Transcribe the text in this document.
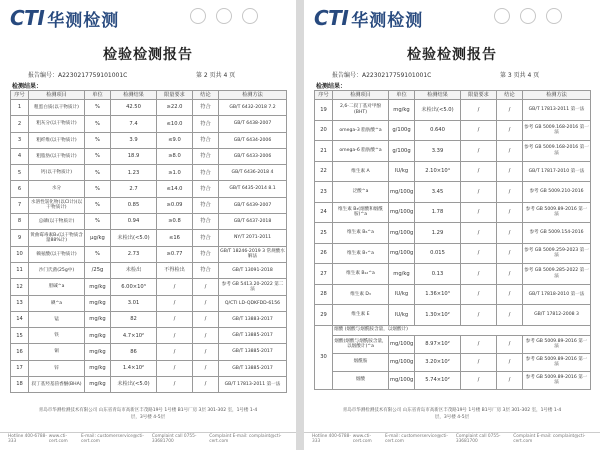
CTI 华测检测
检验检测报告
报告编号：A2230217759101001C	第 2 页共 4 页
检测结果：
序号	检测项目	单位	检测结果	限量要求	结论	检测方法
1	粗蛋白质(以干物质计)	%	42.50	≥22.0	符合	GB/T 6432-2018 7.2
2	粗灰分(以干物质计)	%	7.4	≤10.0	符合	GB/T 6438-2007
3	粗纤维(以干物质计)	%	3.9	≤9.0	符合	GB/T 6434-2006
4	粗脂肪(以干物质计)	%	18.9	≥8.0	符合	GB/T 6433-2006
5	钙(以干物质计)	%	1.23	≥1.0	符合	GB/T 6436-2018 4
6	水分	%	2.7	≤14.0	符合	GB/T 6435-2014 8.1
7	水溶性氯化物(以Cl计)(以干物质计)	%	0.85	≥0.09	符合	GB/T 6439-2007
8	总磷(以干物质计)	%	0.94	≥0.8	符合	GB/T 6437-2018
9	黄曲霉毒素B₁(以干物质含量88%计)	μg/kg	未检出(<5.0)	≤16	符合	NY/T 2071-2011
10	赖氨酸(以干物质计)	%	2.73	≥0.77	符合	GB/T 18246-2019 3 常规酸水解法
11	沙门氏菌(25g中)	/25g	未检出	不得检出	符合	GB/T 13091-2018
12	胆碱^a	mg/kg	6.00×10³	/	/	参考 GB 5413.20-2022 第二法
13	碘^a	mg/kg	3.01	/	/	Q/CTI LD-QDKFDD-6156
14	锰	mg/kg	82	/	/	GB/T 13883-2017
15	铁	mg/kg	4.7×10²	/	/	GB/T 13885-2017
16	铜	mg/kg	86	/	/	GB/T 13885-2017
17	锌	mg/kg	1.4×10²	/	/	GB/T 13885-2017
18	叔丁基羟基茴香醚(BHA)	mg/kg	未检出(<5.0)	/	/	GB/T 17813-2011 第一法
青岛市华测检测技术有限公司 山东省青岛市高新区丰茂路19号 1号楼 B1号厂房 3层 301-302 室，1号楼 1-4
层，3号楼 4-5层
Hotline 400-6788-333
www.cti-cert.com
E-mail: customerservice@cti-cert.com
Complaint call 0755-33681700
Complaint E-mail: complaint@cti-cert.com
CTI 华测检测
检验检测报告
报告编号：A2230217759101001C	第 3 页共 4 页
检测结果：
序号	检测项目	单位	检测结果	限量要求	结论	检测方法
19	2,6-二叔丁基对甲酚(BHT)	mg/kg	未检出(<5.0)	/	/	GB/T 17813-2011 第一法
20	omega-3 脂肪酸^a	g/100g	0.640	/	/	参考 GB 5009.168-2016 第一法
21	omega-6 脂肪酸^a	g/100g	3.39	/	/	参考 GB 5009.168-2016 第一法
22	维生素 A	IU/kg	2.10×10⁴	/	/	GB/T 17817-2010 第一法
23	泛酸^a	mg/100g	3.45	/	/	参考 GB 5009.210-2016
24	维生素 B₃(烟酸和烟酰胺)^a	mg/100g	1.78	/	/	参考 GB 5009.89-2016 第一法
25	维生素 B₆^a	mg/100g	1.29	/	/	参考 GB 5009.154-2016
26	维生素 B₇^a	mg/100g	0.015	/	/	参考 GB 5009.259-2023 第一法
27	维生素 B₁₂^a	mg/kg	0.13	/	/	参考 GB 5009.285-2022 第一法
28	维生素 D₃	IU/kg	1.36×10³	/	/	GB/T 17818-2010 第一法
29	维生素 E	IU/kg	1.30×10²	/	/	GB/T 17812-2008 3
30	烟酸 (烟酸与烟酰胺含量，以烟酸计)					
	烟酸(烟酸与烟酰胺含量，以烟酸计)^a	mg/100g	8.97×10²	/	/	参考 GB 5009.89-2016 第一法
	烟酰胺	mg/100g	3.20×10²	/	/	参考 GB 5009.89-2016 第一法
	烟酸	mg/100g	5.74×10²	/	/	参考 GB 5009.89-2016 第一法
青岛市华测检测技术有限公司 山东省青岛市高新区丰茂路19号 1号楼 B1号厂房 3层 301-302 室，1号楼 1-4
层，3号楼 4-5层
Hotline 400-6788-333
www.cti-cert.com
E-mail: customerservice@cti-cert.com
Complaint call 0755-33681700
Complaint E-mail: complaint@cti-cert.com
